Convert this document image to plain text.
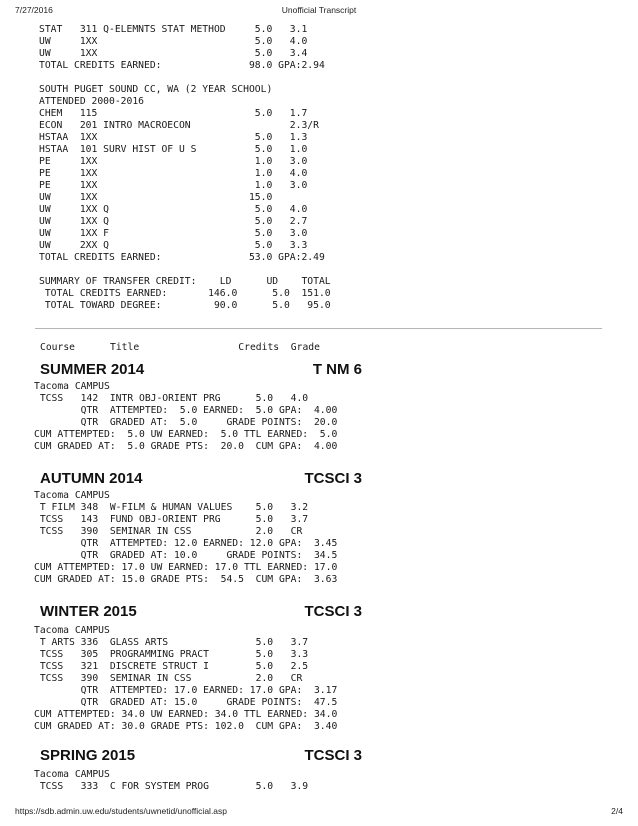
7/27/2016	Unofficial Transcript
STAT   311 Q-ELEMNTS STAT METHOD     5.0   3.1
UW     1XX                           5.0   4.0
UW     1XX                           5.0   3.4
TOTAL CREDITS EARNED:               98.0 GPA:2.94

SOUTH PUGET SOUND CC, WA (2 YEAR SCHOOL)
ATTENDED 2000-2016
CHEM   115                           5.0   1.7
ECON   201 INTRO MACROECON                 2.3/R
HSTAA  1XX                           5.0   1.3
HSTAA  101 SURV HIST OF U S          5.0   1.0
PE     1XX                           1.0   3.0
PE     1XX                           1.0   4.0
PE     1XX                           1.0   3.0
UW     1XX                          15.0
UW     1XX Q                         5.0   4.0
UW     1XX Q                         5.0   2.7
UW     1XX F                         5.0   3.0
UW     2XX Q                         5.0   3.3
TOTAL CREDITS EARNED:               53.0 GPA:2.49

SUMMARY OF TRANSFER CREDIT:    LD      UD    TOTAL
TOTAL CREDITS EARNED:       146.0      5.0  151.0
TOTAL TOWARD DEGREE:         90.0      5.0   95.0
Course      Title                 Credits  Grade
SUMMER 2014	T NM 6
Tacoma CAMPUS
TCSS   142  INTR OBJ-ORIENT PRG      5.0   4.0
QTR  ATTEMPTED:  5.0 EARNED:  5.0 GPA:  4.00
QTR  GRADED AT:  5.0     GRADE POINTS:  20.0
CUM ATTEMPTED:  5.0 UW EARNED:  5.0 TTL EARNED:  5.0
CUM GRADED AT:  5.0 GRADE PTS:  20.0  CUM GPA:  4.00
AUTUMN 2014	TCSCI 3
Tacoma CAMPUS
T FILM 348  W-FILM & HUMAN VALUES    5.0   3.2
TCSS   143  FUND OBJ-ORIENT PRG      5.0   3.7
TCSS   390  SEMINAR IN CSS           2.0   CR
QTR  ATTEMPTED: 12.0 EARNED: 12.0 GPA:  3.45
QTR  GRADED AT: 10.0     GRADE POINTS:  34.5
CUM ATTEMPTED: 17.0 UW EARNED: 17.0 TTL EARNED: 17.0
CUM GRADED AT: 15.0 GRADE PTS:  54.5  CUM GPA:  3.63
WINTER 2015	TCSCI 3
Tacoma CAMPUS
T ARTS 336  GLASS ARTS               5.0   3.7
TCSS   305  PROGRAMMING PRACT        5.0   3.3
TCSS   321  DISCRETE STRUCT I        5.0   2.5
TCSS   390  SEMINAR IN CSS           2.0   CR
QTR  ATTEMPTED: 17.0 EARNED: 17.0 GPA:  3.17
QTR  GRADED AT: 15.0     GRADE POINTS:  47.5
CUM ATTEMPTED: 34.0 UW EARNED: 34.0 TTL EARNED: 34.0
CUM GRADED AT: 30.0 GRADE PTS: 102.0  CUM GPA:  3.40
SPRING 2015	TCSCI 3
Tacoma CAMPUS
TCSS   333  C FOR SYSTEM PROG        5.0   3.9
https://sdb.admin.uw.edu/students/uwnetid/unofficial.asp	2/4
